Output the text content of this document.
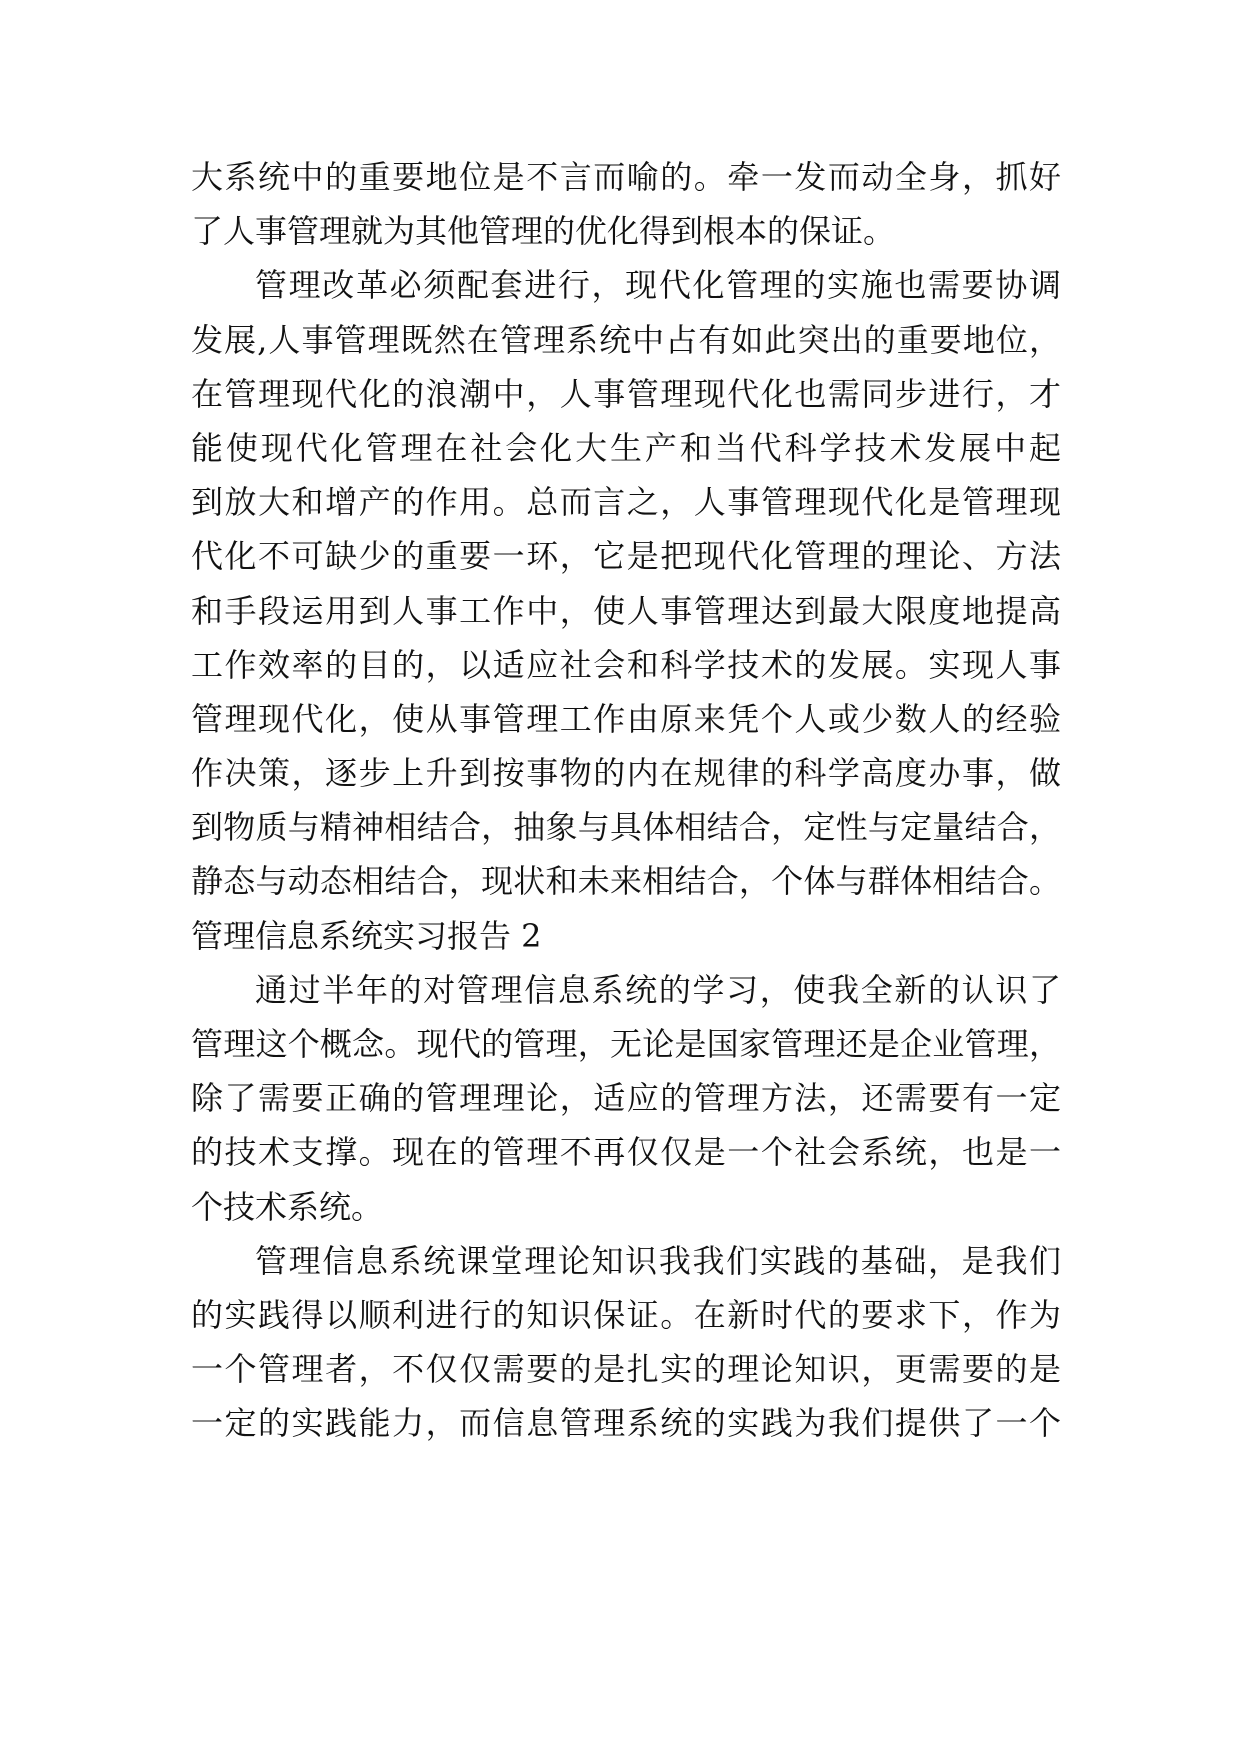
大系统中的重要地位是不言而喻的。牵一发而动全身，抓好
了人事管理就为其他管理的优化得到根本的保证。
管理改革必须配套进行，现代化管理的实施也需要协调
发展,人事管理既然在管理系统中占有如此突出的重要地位，
在管理现代化的浪潮中，人事管理现代化也需同步进行，才
能使现代化管理在社会化大生产和当代科学技术发展中起
到放大和增产的作用。总而言之，人事管理现代化是管理现
代化不可缺少的重要一环，它是把现代化管理的理论、方法
和手段运用到人事工作中，使人事管理达到最大限度地提高
工作效率的目的，以适应社会和科学技术的发展。实现人事
管理现代化，使从事管理工作由原来凭个人或少数人的经验
作决策，逐步上升到按事物的内在规律的科学高度办事，做
到物质与精神相结合，抽象与具体相结合，定性与定量结合，
静态与动态相结合，现状和未来相结合，个体与群体相结合。
管理信息系统实习报告 2
通过半年的对管理信息系统的学习，使我全新的认识了
管理这个概念。现代的管理，无论是国家管理还是企业管理，
除了需要正确的管理理论，适应的管理方法，还需要有一定
的技术支撑。现在的管理不再仅仅是一个社会系统，也是一
个技术系统。
管理信息系统课堂理论知识我我们实践的基础，是我们
的实践得以顺利进行的知识保证。在新时代的要求下，作为
一个管理者，不仅仅需要的是扎实的理论知识，更需要的是
一定的实践能力，而信息管理系统的实践为我们提供了一个
